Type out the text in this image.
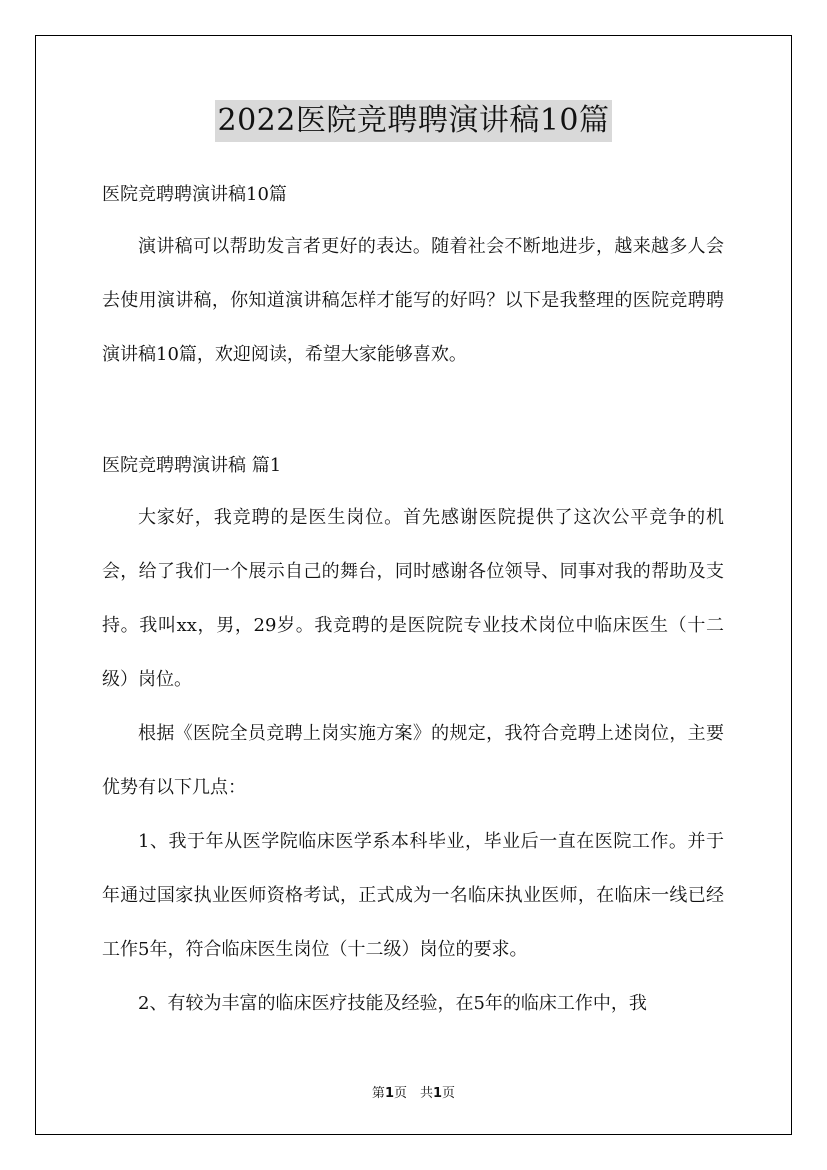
2022医院竞聘聘演讲稿10篇
医院竞聘聘演讲稿10篇
演讲稿可以帮助发言者更好的表达。随着社会不断地进步，越来越多人会去使用演讲稿，你知道演讲稿怎样才能写的好吗？以下是我整理的医院竞聘聘演讲稿10篇，欢迎阅读，希望大家能够喜欢。
医院竞聘聘演讲稿 篇1
大家好，我竞聘的是医生岗位。首先感谢医院提供了这次公平竞争的机会，给了我们一个展示自己的舞台，同时感谢各位领导、同事对我的帮助及支持。我叫xx，男，29岁。我竞聘的是医院院专业技术岗位中临床医生（十二级）岗位。
根据《医院全员竞聘上岗实施方案》的规定，我符合竞聘上述岗位，主要优势有以下几点：
1、我于年从医学院临床医学系本科毕业，毕业后一直在医院工作。并于年通过国家执业医师资格考试，正式成为一名临床执业医师，在临床一线已经工作5年，符合临床医生岗位（十二级）岗位的要求。
2、有较为丰富的临床医疗技能及经验，在5年的临床工作中，我
第1页　共1页
